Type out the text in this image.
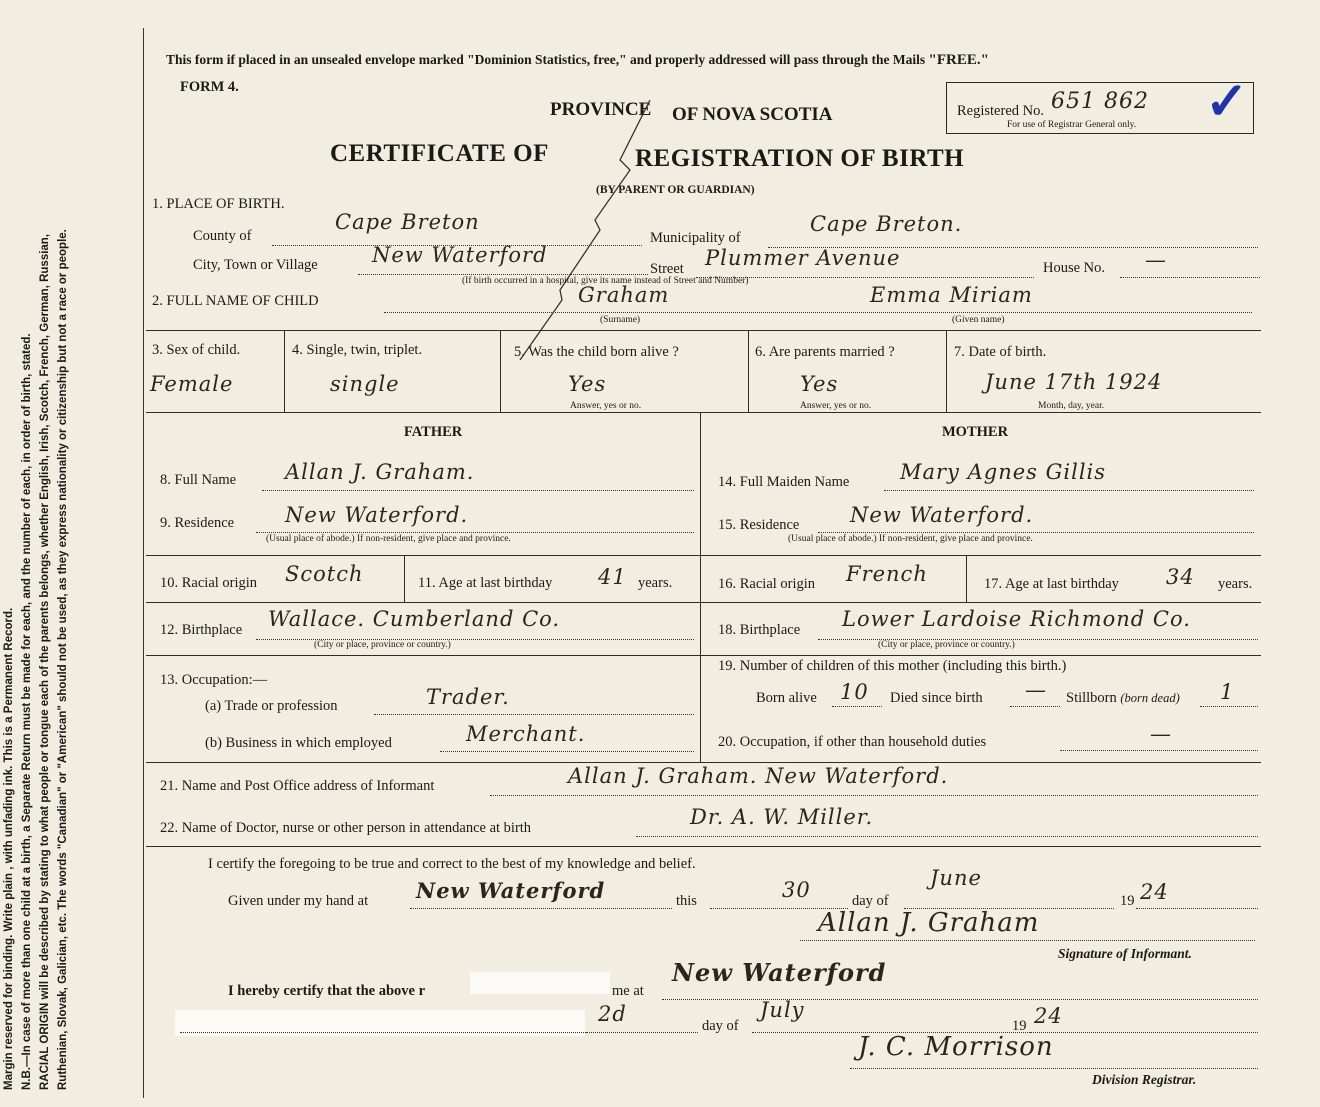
Margin reserved for binding. Write plain , with unfading ink. This is a Permanent Record. N.B.—In case of more than one child at a birth, a Separate Return must be made for each, and the number of each, in order of birth, stated. RACIAL ORIGIN will be described by stating to what people or tongue each of the parents belongs, whether English, Irish, Scotch, French, German, Russian, Ruthenian, Slovak, Galician, etc. The words "Canadian" or "American" should not be used, as they express nationality or citizenship but not a race or people.
This form if placed in an unsealed envelope marked "Dominion Statistics, free," and properly addressed will pass through the Mails "FREE."
FORM 4.
PROVINCE OF NOVA SCOTIA
CERTIFICATE OF	REGISTRATION OF BIRTH
(BY PARENT OR GUARDIAN)
Registered No. 651 862
For use of Registrar General only. ✓
1. PLACE OF BIRTH.
County of
Cape Breton
Municipality of
Cape Breton.
City, Town or Village	New Waterford
Street Plummer Avenue	House No. —
(If birth occurred in a hospital, give its name instead of Street and Number)
2. FULL NAME OF CHILD	Graham	Emma Miriam
(Surname)	(Given name)
3. Sex of child.
Female
4. Single, twin, triplet.
single
5. Was the child born alive ?
Yes
Answer, yes or no.
6. Are parents married ?
Yes
Answer, yes or no.
7. Date of birth.
June 17th 1924
Month, day, year.
FATHER	MOTHER
8. Full Name Allan J. Graham.
9. Residence New Waterford.
(Usual place of abode.) If non-resident, give place and province.
10. Racial origin Scotch	11. Age at last birthday 41 years.
12. Birthplace Wallace. Cumberland Co.
(City or place, province or country.)
13. Occupation:—
(a) Trade or profession	Trader.
(b) Business in which employed	Merchant.
14. Full Maiden Name Mary Agnes Gillis
15. Residence New Waterford.
(Usual place of abode.) If non-resident, give place and province.
16. Racial origin French	17. Age at last birthday 34 years.
18. Birthplace Lower Lardoise Richmond Co.
(City or place, province or country.)
19. Number of children of this mother (including this birth.)
Born alive 10 Died since birth — Stillborn (born dead) 1
20. Occupation, if other than household duties	—
21. Name and Post Office address of Informant	Allan J. Graham. New Waterford.
22. Name of Doctor, nurse or other person in attendance at birth	Dr. A. W. Miller.
I certify the foregoing to be true and correct to the best of my knowledge and belief.
Given under my hand at New Waterford	this	30	day of
June
19 24
Allan J. Graham
Signature of Informant.
I hereby certify that the above r	me at
New Waterford
2d	day of
July
19 24
J. C. Morrison
Division Registrar.
